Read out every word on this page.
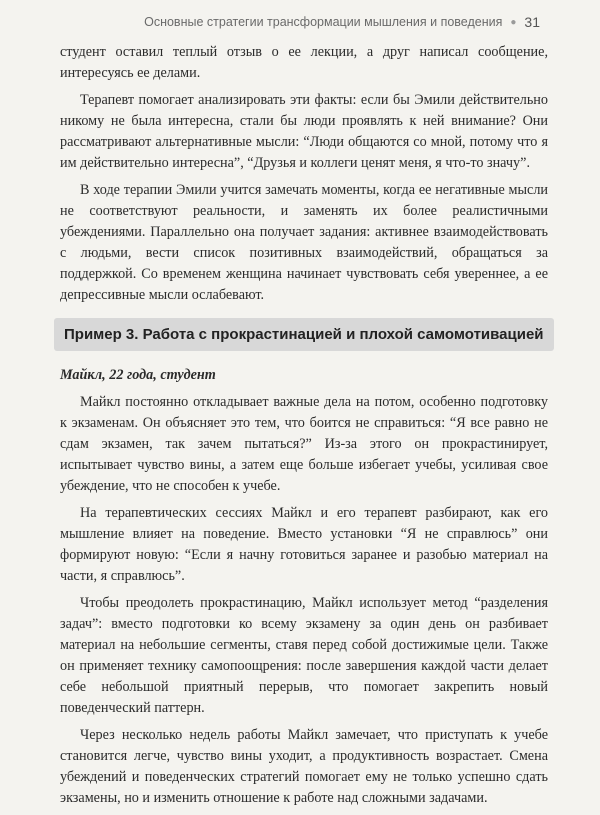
Основные стратегии трансформации мышления и поведения ● 31

студент оставил теплый отзыв о ее лекции, а друг написал сообщение, интересуясь ее делами.

Терапевт помогает анализировать эти факты: если бы Эмили действительно никому не была интересна, стали бы люди проявлять к ней внимание? Они рассматривают альтернативные мысли: “Люди общаются со мной, потому что я им действительно интересна”, “Друзья и коллеги ценят меня, я что-то значу”.

В ходе терапии Эмили учится замечать моменты, когда ее негативные мысли не соответствуют реальности, и заменять их более реалистичными убеждениями. Параллельно она получает задания: активнее взаимодействовать с людьми, вести список позитивных взаимодействий, обращаться за поддержкой. Со временем женщина начинает чувствовать себя увереннее, а ее депрессивные мысли ослабевают.

Пример 3. Работа с прокрастинацией и плохой самомотивацией

Майкл, 22 года, студент

Майкл постоянно откладывает важные дела на потом, особенно подготовку к экзаменам. Он объясняет это тем, что боится не справиться: “Я все равно не сдам экзамен, так зачем пытаться?” Из-за этого он прокрастинирует, испытывает чувство вины, а затем еще больше избегает учебы, усиливая свое убеждение, что не способен к учебе.

На терапевтических сессиях Майкл и его терапевт разбирают, как его мышление влияет на поведение. Вместо установки “Я не справлюсь” они формируют новую: “Если я начну готовиться заранее и разобью материал на части, я справлюсь”.

Чтобы преодолеть прокрастинацию, Майкл использует метод “разделения задач”: вместо подготовки ко всему экзамену за один день он разбивает материал на небольшие сегменты, ставя перед собой достижимые цели. Также он применяет технику самопоощрения: после завершения каждой части делает себе небольшой приятный перерыв, что помогает закрепить новый поведенческий паттерн.

Через несколько недель работы Майкл замечает, что приступать к учебе становится легче, чувство вины уходит, а продуктивность возрастает. Смена убеждений и поведенческих стратегий помогает ему не только успешно сдать экзамены, но и изменить отношение к работе над сложными задачами.
